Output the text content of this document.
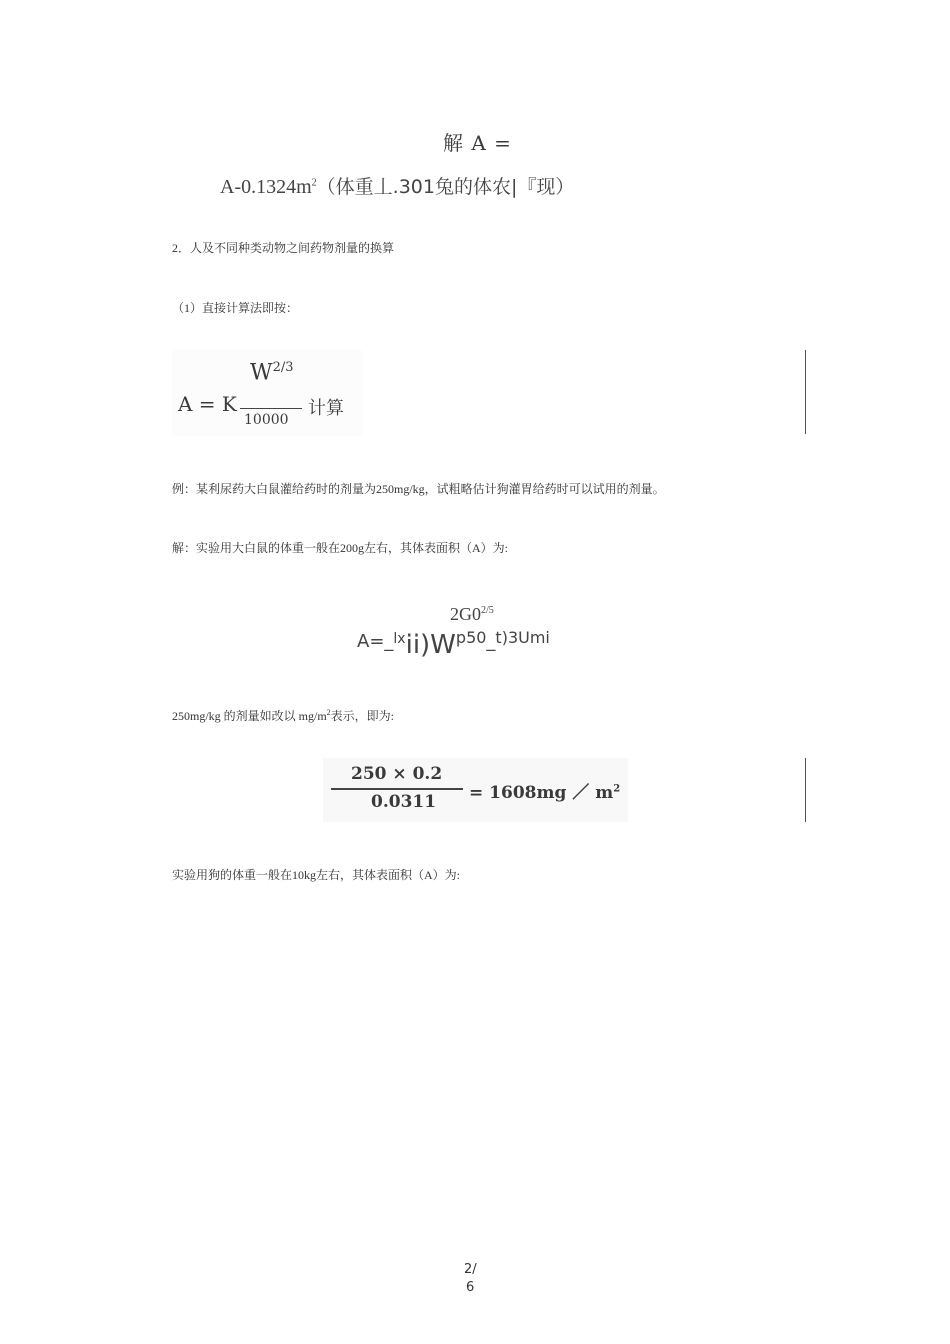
解 A =
$A-0.1324m^2$（体重丄.301兔的体农|『现）
2．人及不同种类动物之间药物剂量的换算
（1）直接计算法即按：
A = K
$W^{2/3}$
10000
计算
例：某利尿药大白鼠灌给药时的剂量为250mg/kg，试粗略估计狗灌胃给药时可以试用的剂量。
解：实验用大白鼠的体重一般在200g左右，其体表面积（A）为:
$2G0^{2/5}$
A=_lxii)Wp50_t)3Umi
250mg/kg 的剂量如改以 $mg/m^2$表示，即为:
250 × 0.2
0.0311 = 1608mg ／ $m^2$
实验用狗的体重一般在10kg左右，其体表面积（A）为:
2/
6
